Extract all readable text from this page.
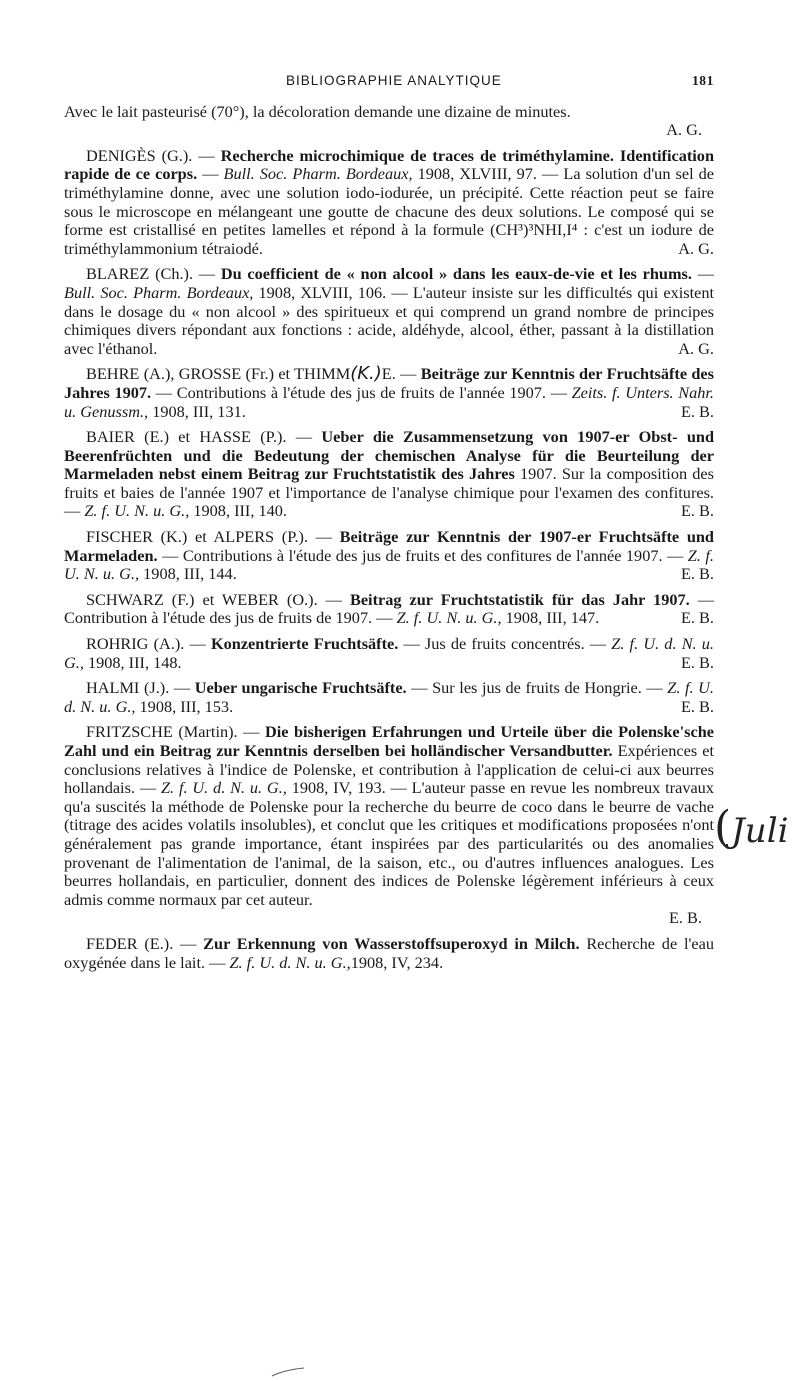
BIBLIOGRAPHIE ANALYTIQUE	181

Avec le lait pasteurisé (70°), la décoloration demande une dizaine de minutes.

A. G.

DENIGÈS (G.). — Recherche microchimique de traces de triméthylamine. Identification rapide de ce corps. — Bull. Soc. Pharm. Bordeaux, 1908, XLVIII, 97. — La solution d'un sel de triméthylamine donne, avec une solution iodo-iodurée, un précipité. Cette réaction peut se faire sous le microscope en mélangeant une goutte de chacune des deux solutions. Le composé qui se forme est cristallisé en petites lamelles et répond à la formule (CH³)³NHI,I⁴ : c'est un iodure de triméthylammonium tétraiodé.	A. G.

BLAREZ (Ch.). — Du coefficient de « non alcool » dans les eaux-de-vie et les rhums. — Bull. Soc. Pharm. Bordeaux, 1908, XLVIII, 106. — L'auteur insiste sur les difficultés qui existent dans le dosage du « non alcool » des spiritueux et qui comprend un grand nombre de principes chimiques divers répondant aux fonctions : acide, aldéhyde, alcool, éther, passant à la distillation avec l'éthanol.	A. G.

BEHRE (A.), GROSSE (Fr.) et THIMM(K.)E. — Beiträge zur Kenntnis der Fruchtsäfte des Jahres 1907. — Contributions à l'étude des jus de fruits de l'année 1907. — Zeits. f. Unters. Nahr. u. Genussm., 1908, III, 131.	E. B.

BAIER (E.) et HASSE (P.). — Ueber die Zusammensetzung von 1907-er Obst- und Beerenfrüchten und die Bedeutung der chemischen Analyse für die Beurteilung der Marmeladen nebst einem Beitrag zur Fruchtstatistik des Jahres 1907. Sur la composition des fruits et baies de l'année 1907 et l'importance de l'analyse chimique pour l'examen des confitures. — Z. f. U. N. u. G., 1908, III, 140.	E. B.

FISCHER (K.) et ALPERS (P.). — Beiträge zur Kenntnis der 1907-er Fruchtsäfte und Marmeladen. — Contributions à l'étude des jus de fruits et des confitures de l'année 1907. — Z. f. U. N. u. G., 1908, III, 144.	E. B.

SCHWARZ (F.) et WEBER (O.). — Beitrag zur Fruchtstatistik für das Jahr 1907. — Contribution à l'étude des jus de fruits de 1907. — Z. f. U. N. u. G., 1908, III, 147.	E. B.

ROHRIG (A.). — Konzentrierte Fruchtsäfte. — Jus de fruits concentrés. — Z. f. U. d. N. u. G., 1908, III, 148.	E. B.

HALMI (J.). — Ueber ungarische Fruchtsäfte. — Sur les jus de fruits de Hongrie. — Z. f. U. d. N. u. G., 1908, III, 153.	E. B.

FRITZSCHE (Martin). — Die bisherigen Erfahrungen und Urteile über die Polenske'sche Zahl und ein Beitrag zur Kenntnis derselben bei holländischer Versandbutter. Expériences et conclusions relatives à l'indice de Polenske, et contribution à l'application de celui-ci aux beurres hollandais. — Z. f. U. d. N. u. G., 1908, IV, 193. — L'auteur passe en revue les nombreux travaux qu'a suscités la méthode de Polenske pour la recherche du beurre de coco dans le beurre de vache (titrage des acides volatils insolubles), et conclut que les critiques et modifications proposées n'ont généralement pas grande importance, étant inspirées par des particularités ou des anomalies provenant de l'alimentation de l'animal, de la saison, etc., ou d'autres influences analogues. Les beurres hollandais, en particulier, donnent des indices de Polenske légèrement inférieurs à ceux admis comme normaux par cet auteur.

E. B.

FEDER (E.). — Zur Erkennung von Wasserstoffsuperoxyd in Milch. Recherche de l'eau oxygénée dans le lait. — Z. f. U. d. N. u. G.,1908, IV, 234.

(Juli
